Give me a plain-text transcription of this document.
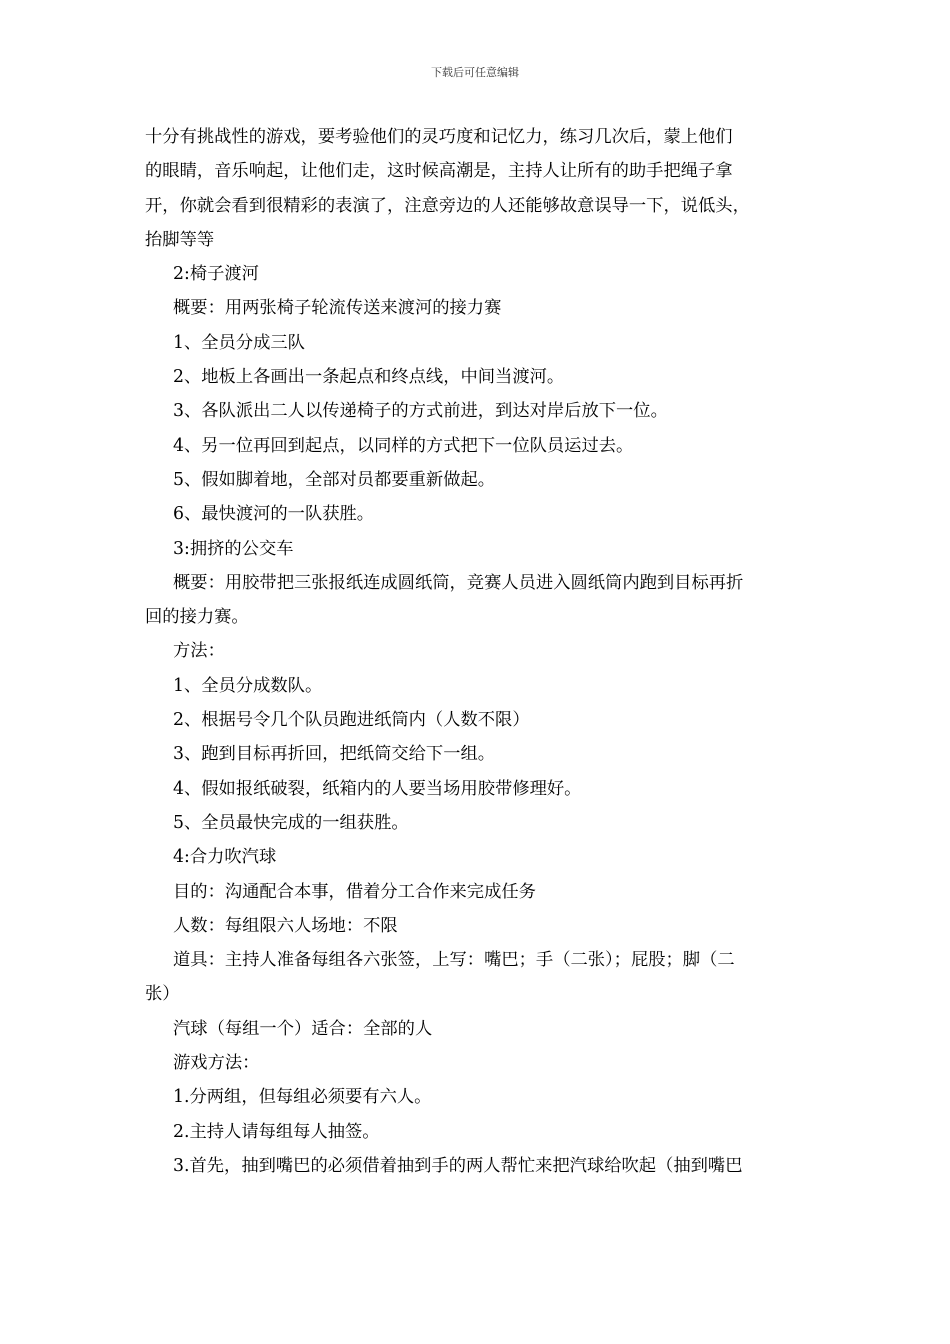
下载后可任意编辑

十分有挑战性的游戏，要考验他们的灵巧度和记忆力，练习几次后，蒙上他们

的眼睛，音乐响起，让他们走，这时候高潮是，主持人让所有的助手把绳子拿

开，你就会看到很精彩的表演了，注意旁边的人还能够故意误导一下，说低头，

抬脚等等

2:椅子渡河

概要：用两张椅子轮流传送来渡河的接力赛

1、全员分成三队

2、地板上各画出一条起点和终点线，中间当渡河。

3、各队派出二人以传递椅子的方式前进，到达对岸后放下一位。

4、另一位再回到起点，以同样的方式把下一位队员运过去。

5、假如脚着地，全部对员都要重新做起。

6、最快渡河的一队获胜。

3:拥挤的公交车

概要：用胶带把三张报纸连成圆纸筒，竞赛人员进入圆纸筒内跑到目标再折

回的接力赛。

方法：

1、全员分成数队。

2、根据号令几个队员跑进纸筒内（人数不限）

3、跑到目标再折回，把纸筒交给下一组。

4、假如报纸破裂，纸箱内的人要当场用胶带修理好。

5、全员最快完成的一组获胜。

4:合力吹汽球

目的：沟通配合本事，借着分工合作来完成任务

人数：每组限六人场地：不限

道具：主持人准备每组各六张签，上写：嘴巴；手（二张）；屁股；脚（二

张）

汽球（每组一个）适合：全部的人

游戏方法：

1.分两组，但每组必须要有六人。

2.主持人请每组每人抽签。

3.首先，抽到嘴巴的必须借着抽到手的两人帮忙来把汽球给吹起（抽到嘴巴
